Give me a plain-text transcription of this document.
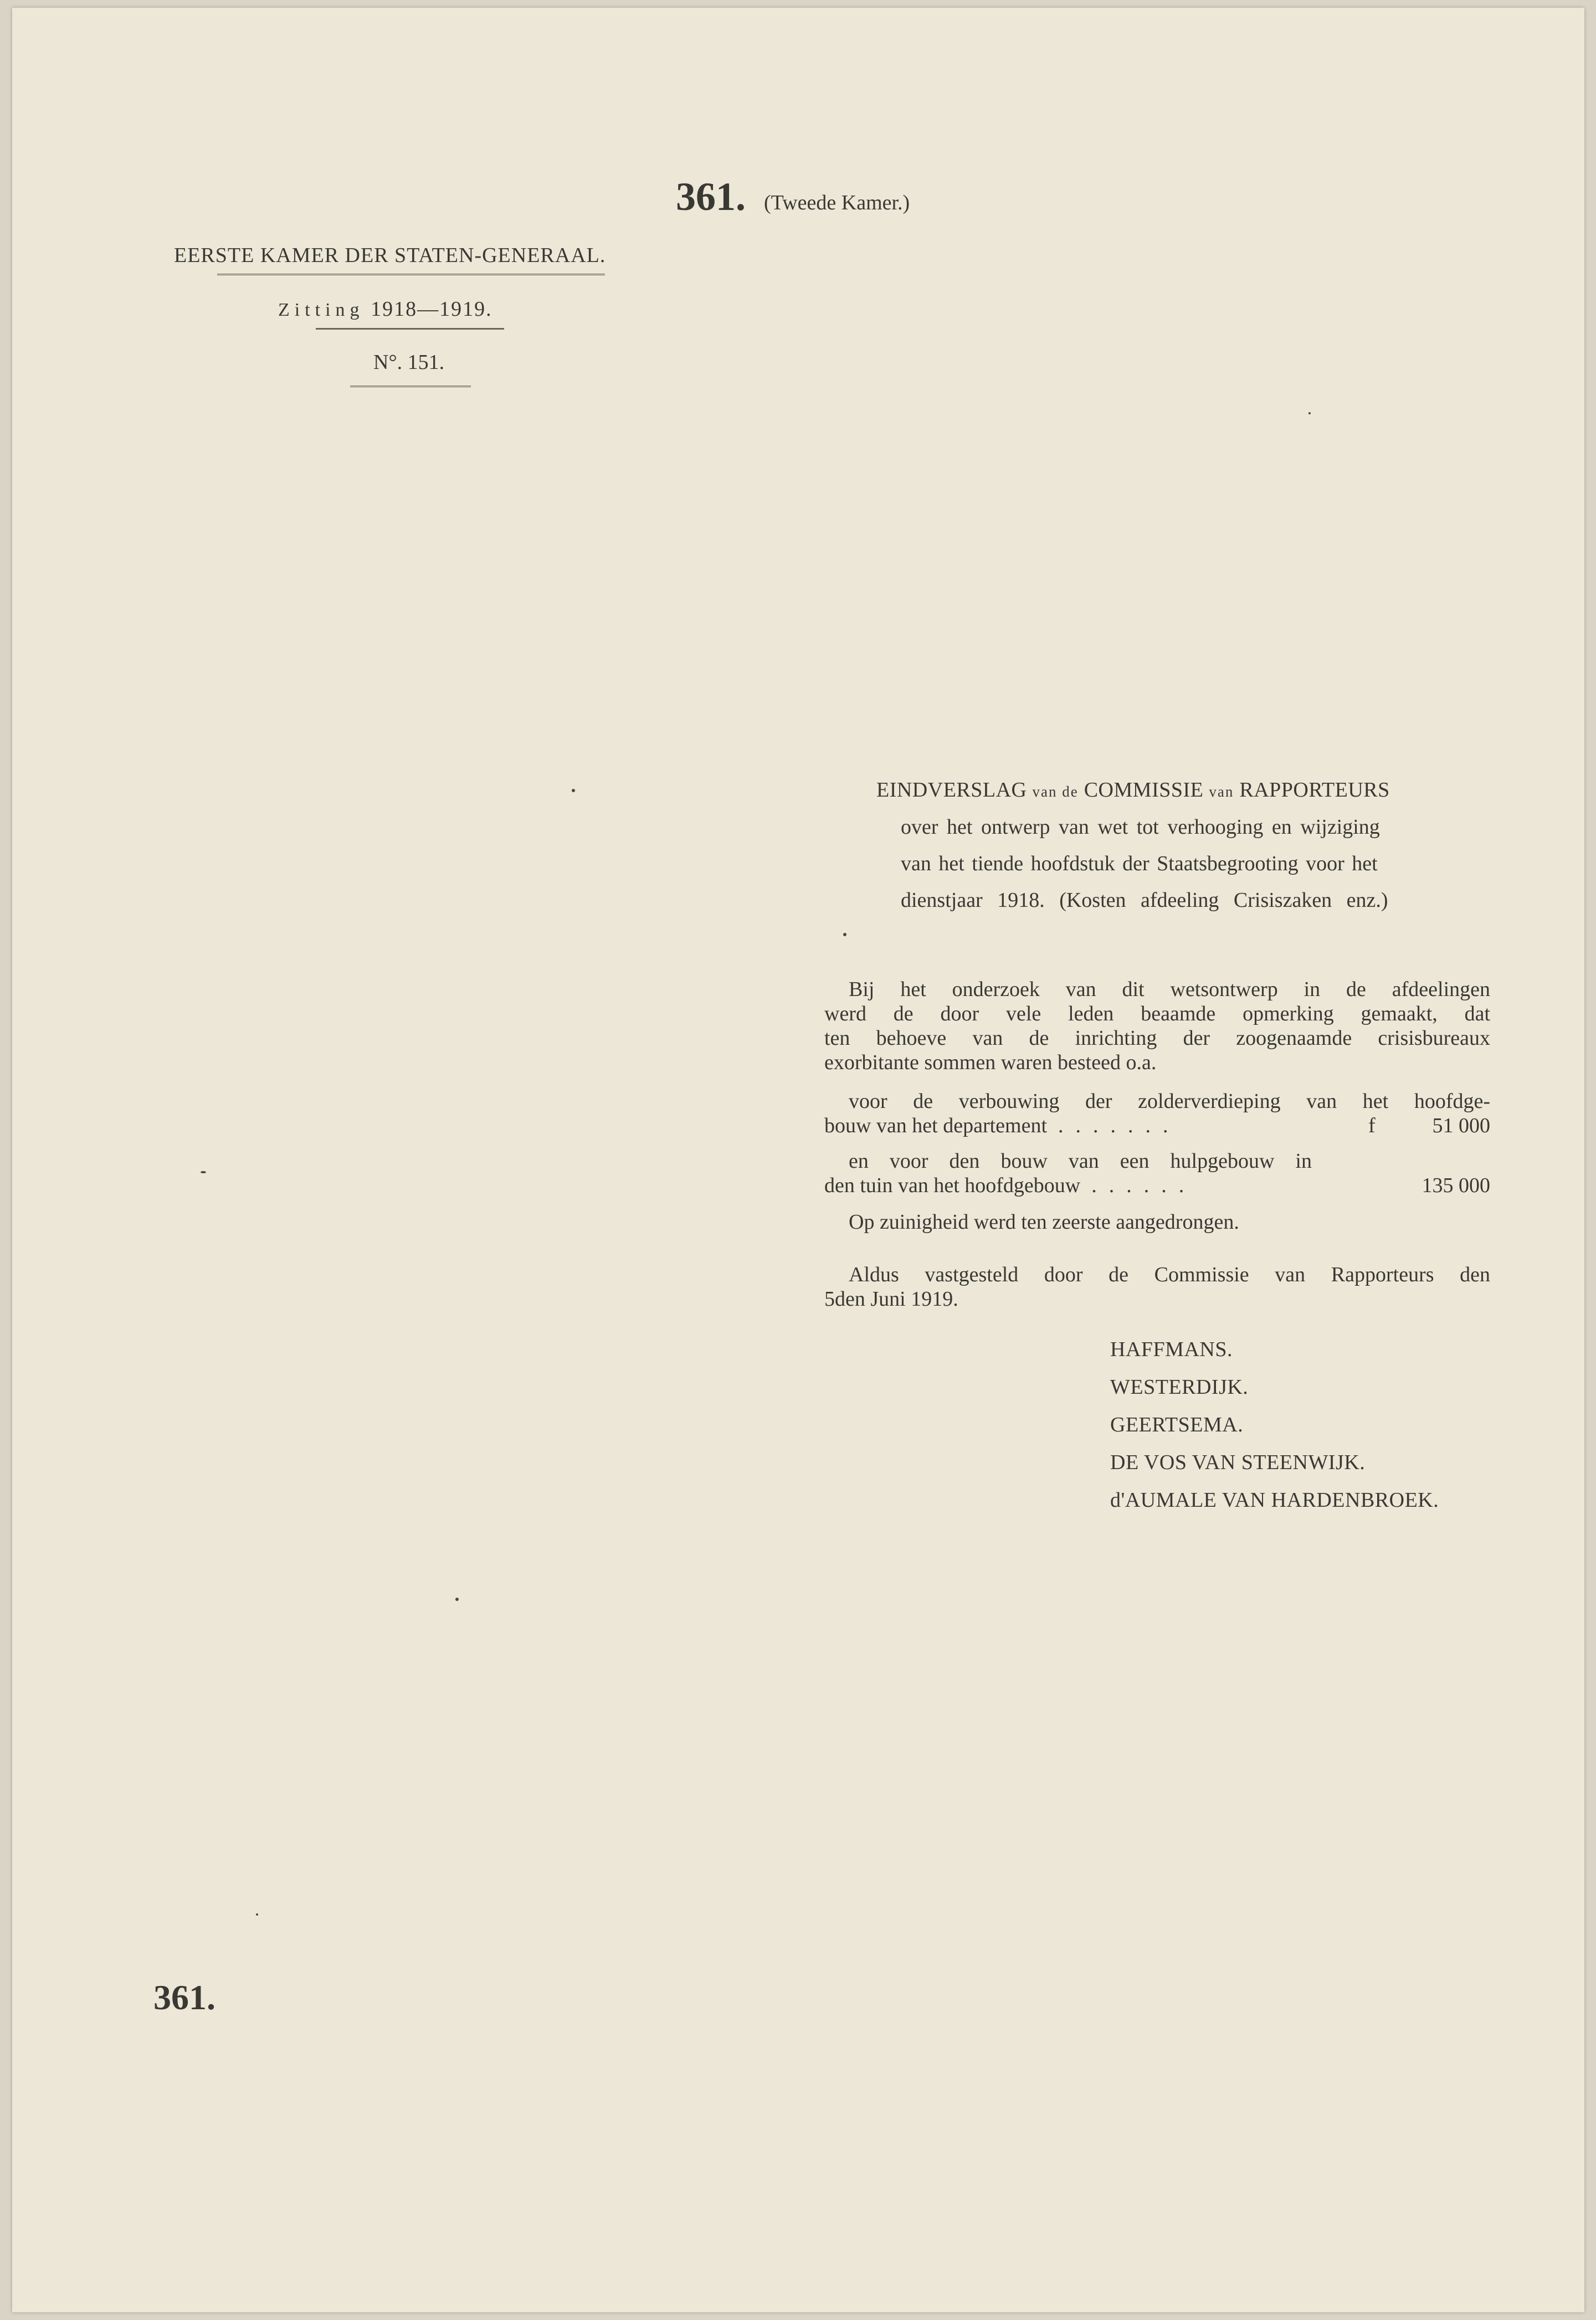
361. (Tweede Kamer.)
EERSTE KAMER DER STATEN-GENERAAL.
Zitting 1918—1919.
N°. 151.
EINDVERSLAG van de COMMISSIE van RAPPORTEURS
over het ontwerp van wet tot verhooging en wijziging
van het tiende hoofdstuk der Staatsbegrooting voor het
dienstjaar 1918. (Kosten afdeeling Crisiszaken enz.)
Bij het onderzoek van dit wetsontwerp in de afdeelingen
werd de door vele leden beaamde opmerking gemaakt, dat
ten behoeve van de inrichting der zoogenaamde crisisbureaux
exorbitante sommen waren besteed o.a.
voor de verbouwing der zolderverdieping van het hoofdge-
bouw van het departement .......	f	51 000
en voor den bouw van een hulpgebouw in
den tuin van het hoofdgebouw ......	135 000
Op zuinigheid werd ten zeerste aangedrongen.
Aldus vastgesteld door de Commissie van Rapporteurs den
5den Juni 1919.
HAFFMANS.
WESTERDIJK.
GEERTSEMA.
DE VOS VAN STEENWIJK.
d'AUMALE VAN HARDENBROEK.
361.
